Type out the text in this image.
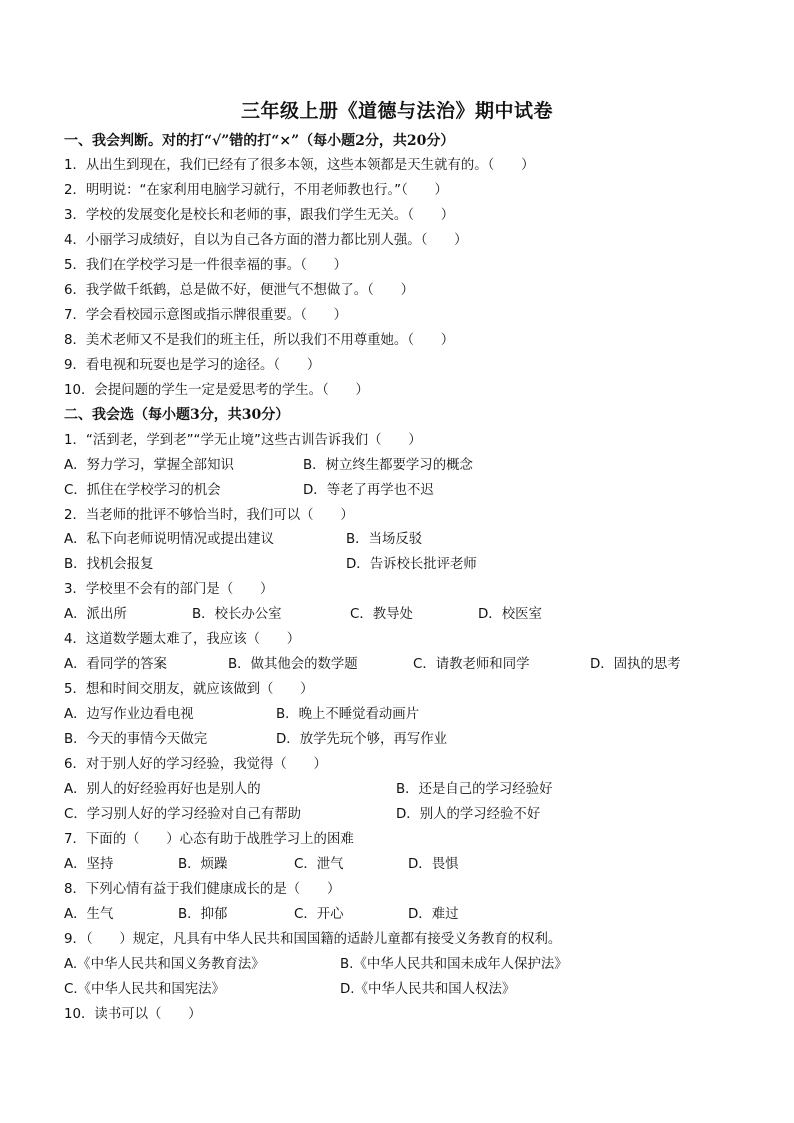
三年级上册《道德与法治》期中试卷
一、我会判断。对的打“√”错的打“×”（每小题2分，共20分）
1．从出生到现在，我们已经有了很多本领，这些本领都是天生就有的。（　　）
2．明明说：“在家利用电脑学习就行，不用老师教也行。”（　　）
3．学校的发展变化是校长和老师的事，跟我们学生无关。（　　）
4．小丽学习成绩好，自以为自己各方面的潜力都比别人强。（　　）
5．我们在学校学习是一件很幸福的事。（　　）
6．我学做千纸鹤，总是做不好，便泄气不想做了。（　　）
7．学会看校园示意图或指示牌很重要。（　　）
8．美术老师又不是我们的班主任，所以我们不用尊重她。（　　）
9．看电视和玩耍也是学习的途径。（　　）
10．会提问题的学生一定是爱思考的学生。（　　）
二、我会选（每小题3分，共30分）
1．“活到老，学到老”“学无止境”这些古训告诉我们（　　）
A．努力学习，掌握全部知识	B．树立终生都要学习的概念
C．抓住在学校学习的机会	D．等老了再学也不迟
2．当老师的批评不够恰当时，我们可以（　　）
A．私下向老师说明情况或提出建议	B．当场反驳
B．找机会报复	D．告诉校长批评老师
3．学校里不会有的部门是（　　）
A．派出所	B．校长办公室	C．教导处	D．校医室
4．这道数学题太难了，我应该（　　）
A．看同学的答案	B．做其他会的数学题	C．请教老师和同学	D．固执的思考
5．想和时间交朋友，就应该做到（　　）
A．边写作业边看电视	B．晚上不睡觉看动画片
B．今天的事情今天做完	D．放学先玩个够，再写作业
6．对于别人好的学习经验，我觉得（　　）
A．别人的好经验再好也是别人的	B．还是自己的学习经验好
C．学习别人好的学习经验对自己有帮助	D．别人的学习经验不好
7．下面的（　　）心态有助于战胜学习上的困难
A．坚持	B．烦躁	C．泄气	D．畏惧
8．下列心情有益于我们健康成长的是（　　）
A．生气	B．抑郁	C．开心	D．难过
9．（　　）规定，凡具有中华人民共和国国籍的适龄儿童都有接受义务教育的权利。
A.《中华人民共和国义务教育法》	B.《中华人民共和国未成年人保护法》
C.《中华人民共和国宪法》	D.《中华人民共和国人权法》
10．读书可以（　　）
